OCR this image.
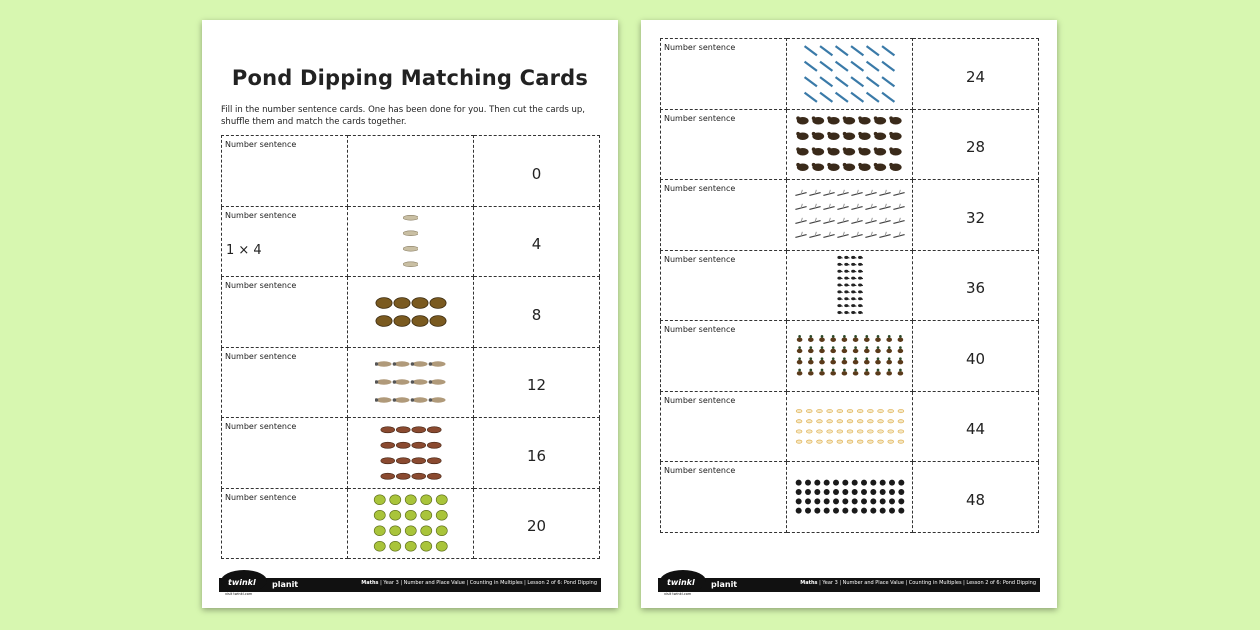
Pond Dipping Matching Cards
Fill in the number sentence cards. One has been done for you. Then cut the cards up, shuffle them and match the cards together.
Number sentence		0

Number sentence
1 × 4		4

Number sentence		8

Number sentence		12

Number sentence		16

Number sentence		20
twinkl planit
visit twinkl.com
Maths | Year 3 | Number and Place Value | Counting in Multiples | Lesson 2 of 6: Pond Dipping
Number sentence		24

Number sentence		28

Number sentence		32

Number sentence		36

Number sentence		40

Number sentence		44

Number sentence		48
twinkl planit
visit twinkl.com
Maths | Year 3 | Number and Place Value | Counting in Multiples | Lesson 2 of 6: Pond Dipping
